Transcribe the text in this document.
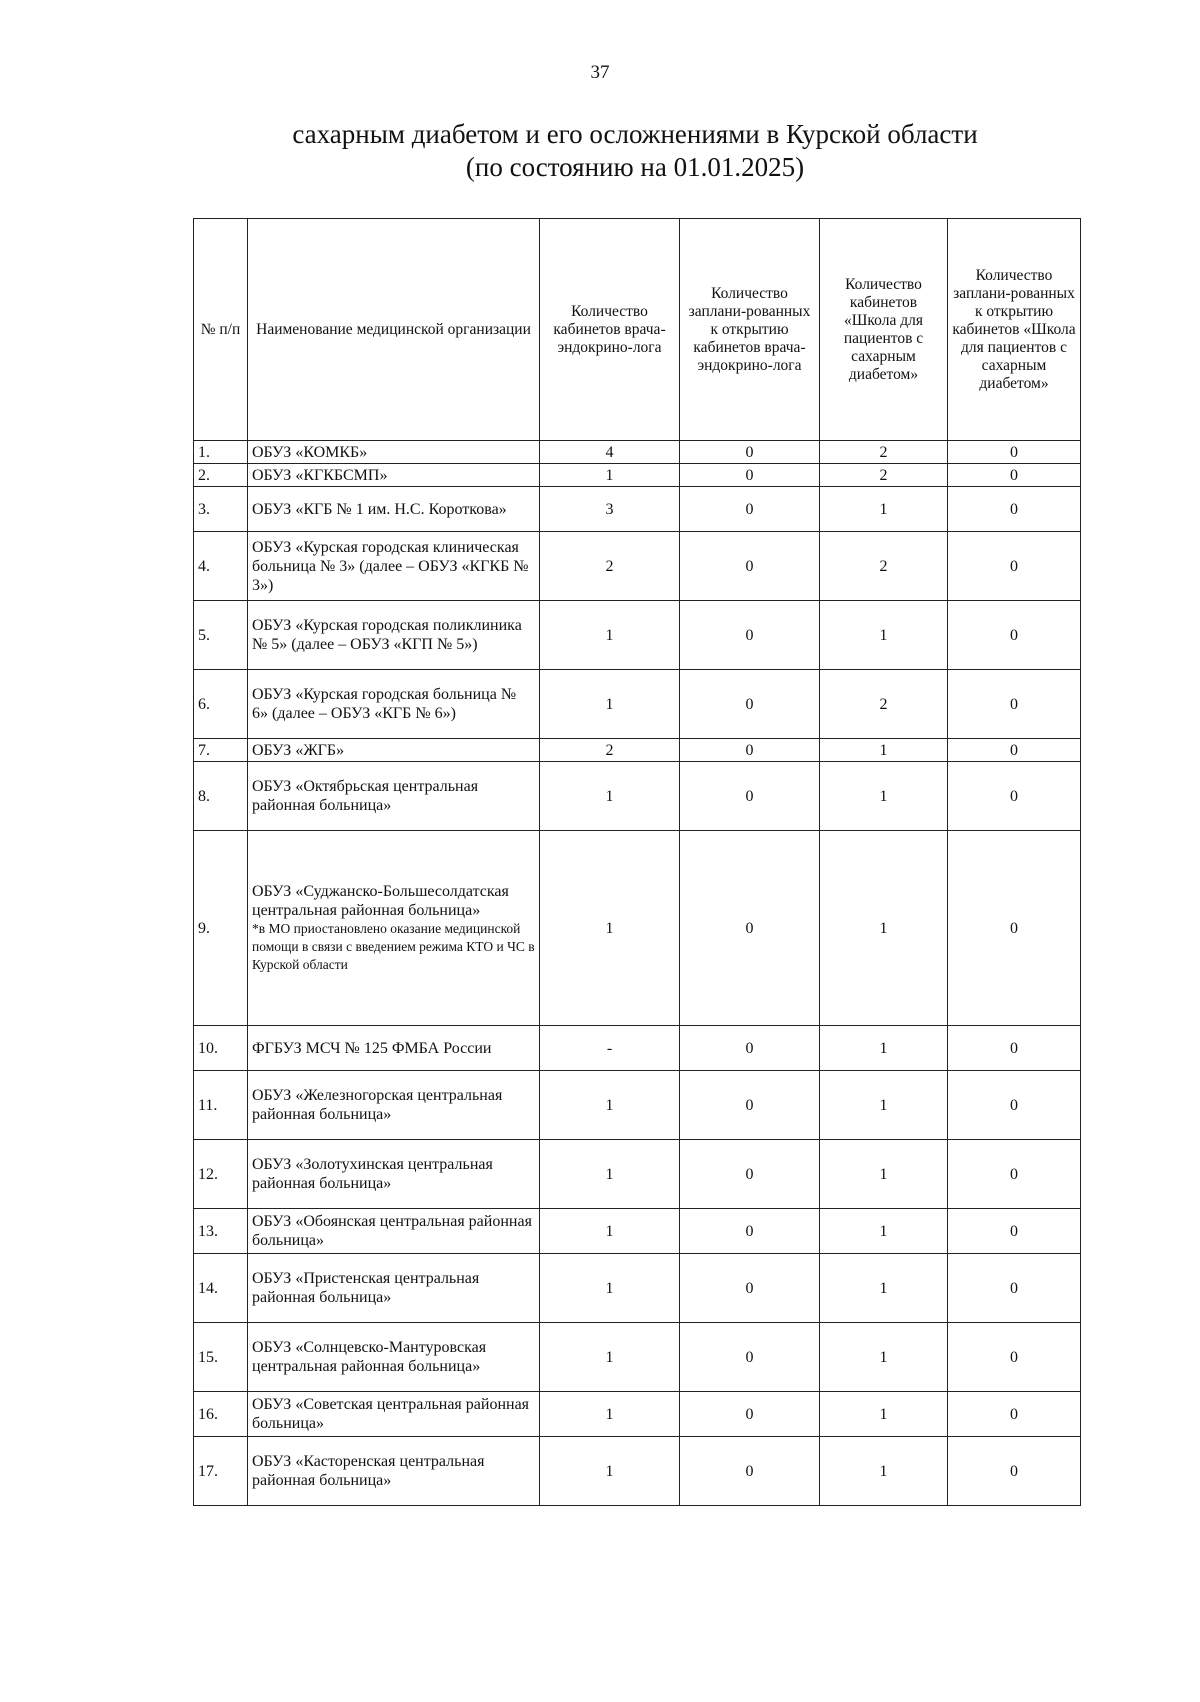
37
сахарным диабетом и его осложнениями в Курской области
(по состоянию на 01.01.2025)
№ п/п	Наименование медицинской организации	Количество кабинетов врача-эндокрино-лога	Количество заплани-рованных к открытию кабинетов врача-эндокрино-лога	Количество кабинетов «Школа для пациентов с сахарным диабетом»	Количество заплани-рованных к открытию кабинетов «Школа для пациентов с сахарным диабетом»
1.	ОБУЗ «КОМКБ»	4	0	2	0
2.	ОБУЗ «КГКБСМП»	1	0	2	0
3.	ОБУЗ «КГБ № 1 им. Н.С. Короткова»	3	0	1	0
4.	ОБУЗ «Курская городская клиническая больница № 3» (далее – ОБУЗ «КГКБ № 3»)	2	0	2	0
5.	ОБУЗ «Курская городская поликлиника № 5» (далее – ОБУЗ «КГП № 5»)	1	0	1	0
6.	ОБУЗ «Курская городская больница № 6» (далее – ОБУЗ «КГБ № 6»)	1	0	2	0
7.	ОБУЗ «ЖГБ»	2	0	1	0
8.	ОБУЗ «Октябрьская центральная районная больница»	1	0	1	0
9.	ОБУЗ «Суджанско-Большесолдатская центральная районная больница»
*в МО приостановлено оказание медицинской помощи в связи с введением режима КТО и ЧС в Курской области	1	0	1	0
10.	ФГБУЗ МСЧ № 125 ФМБА России	-	0	1	0
11.	ОБУЗ «Железногорская центральная районная больница»	1	0	1	0
12.	ОБУЗ «Золотухинская центральная районная больница»	1	0	1	0
13.	ОБУЗ «Обоянская центральная районная больница»	1	0	1	0
14.	ОБУЗ «Пристенская центральная районная больница»	1	0	1	0
15.	ОБУЗ «Солнцевско-Мантуровская центральная районная больница»	1	0	1	0
16.	ОБУЗ «Советская центральная районная больница»	1	0	1	0
17.	ОБУЗ «Касторенская центральная районная больница»	1	0	1	0
